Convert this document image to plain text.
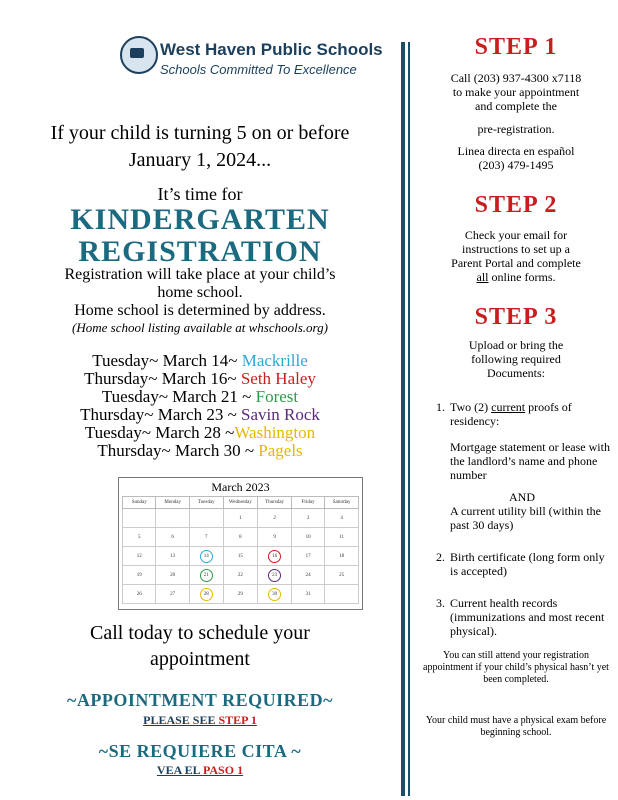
West Haven Public Schools
Schools Committed To Excellence
If your child is turning 5 on or before
January 1, 2024...
It’s time for
KINDERGARTEN
REGISTRATION
Registration will take place at your child’s
home school.
Home school is determined by address.
(Home school listing available at whschools.org)
Tuesday~ March 14~ Mackrille
Thursday~ March 16~ Seth Haley
Tuesday~ March 21 ~ Forest
Thursday~ March 23 ~ Savin Rock
Tuesday~ March 28 ~Washington
Thursday~ March 30 ~ Pagels
March 2023
Sunday	Monday	Tuesday	Wednesday	Thursday	Friday	Saturday
			1	2	3	4
5	6	7	8	9	10	11
12	13	14	15	16	17	18
19	20	21	22	23	24	25
26	27	28	29	30	31	
Call today to schedule your
appointment
~APPOINTMENT REQUIRED~
PLEASE SEE STEP 1
~SE REQUIERE CITA ~
VEA EL PASO 1
STEP 1
Call (203) 937-4300 x7118
to make your appointment
and complete the
pre-registration.
Linea directa en español
(203) 479-1495
STEP 2
Check your email for
instructions to set up a
Parent Portal and complete
all online forms.
STEP 3
Upload or bring the
following required
Documents:
1. Two (2) current proofs of residency:
Mortgage statement or lease with the landlord’s name and phone number
AND
A current utility bill (within the past 30 days)
2. Birth certificate (long form only is accepted)
3. Current health records (immunizations and most recent physical).
You can still attend your registration appointment if your child’s physical hasn’t yet been completed.
Your child must have a physical exam before beginning school.
